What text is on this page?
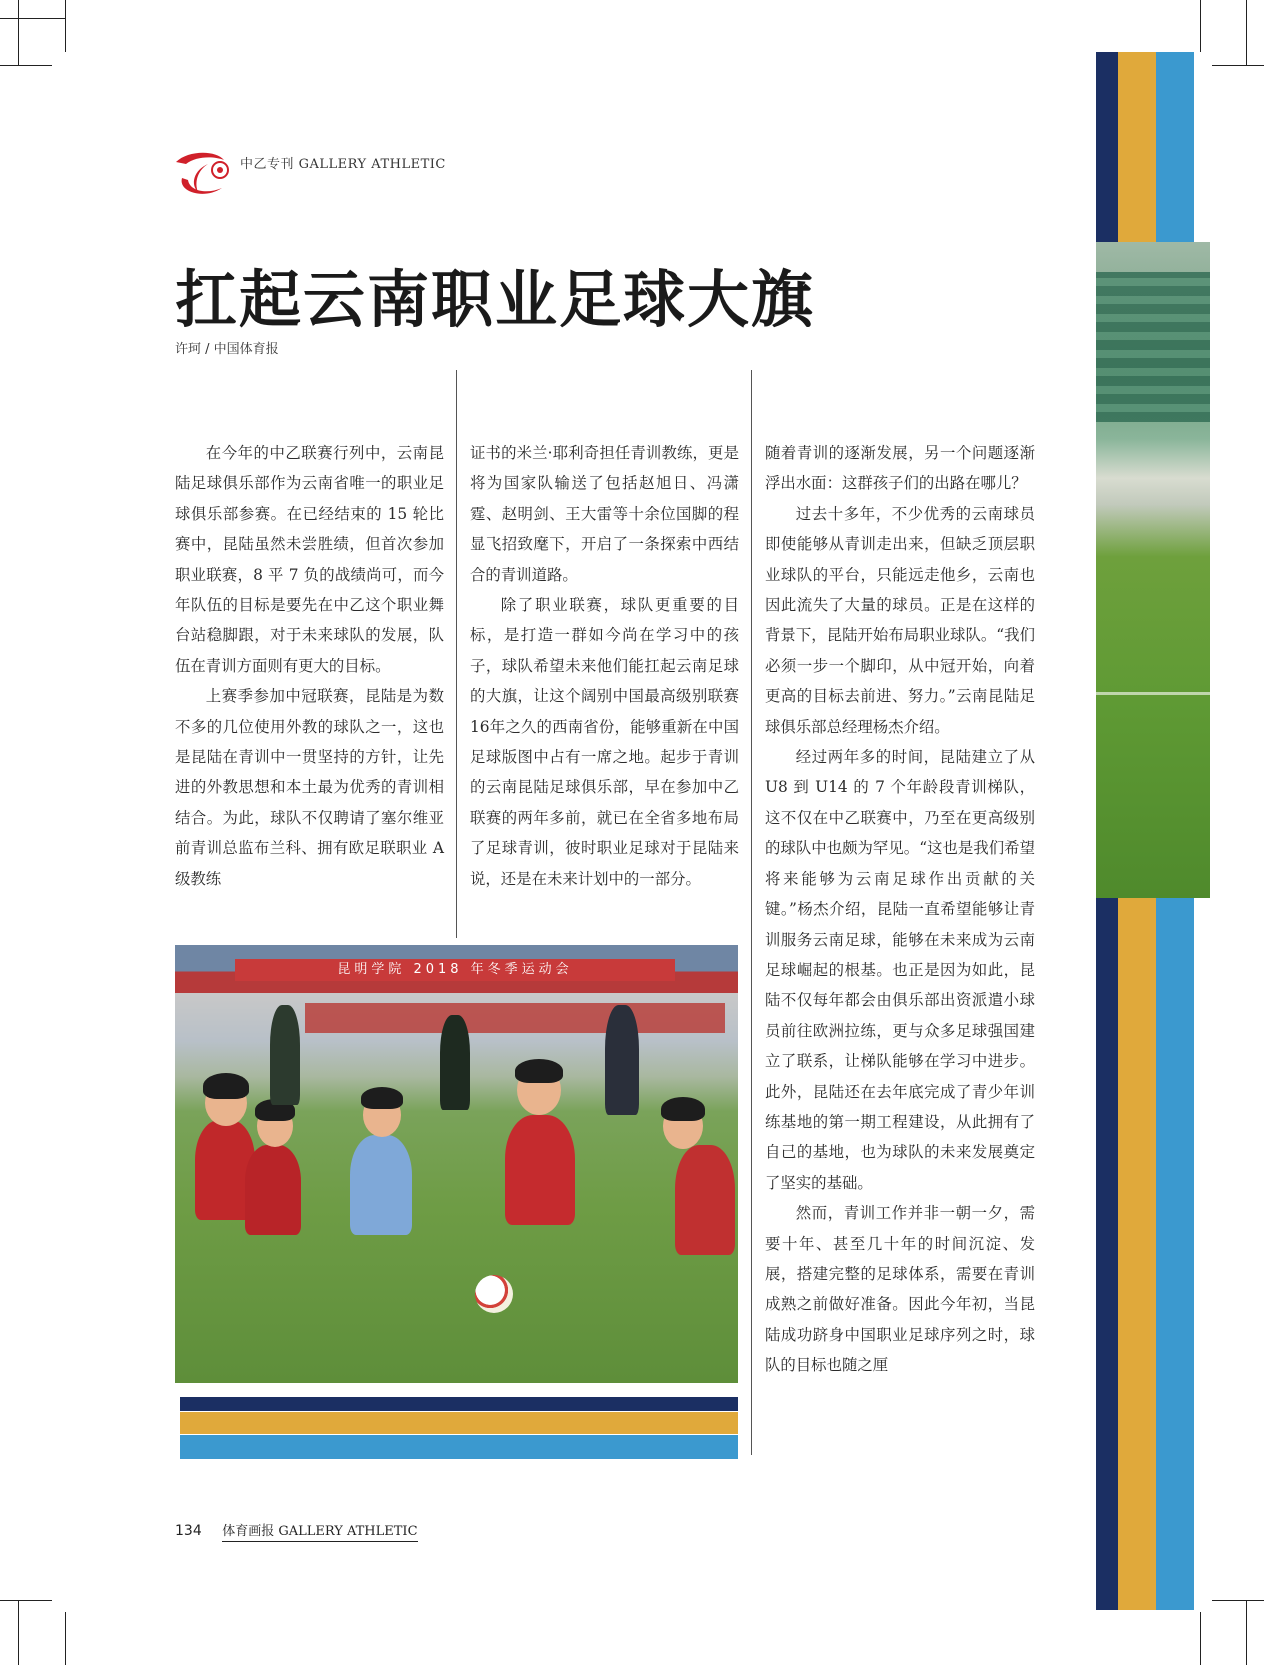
中乙专刊 GALLERY ATHLETIC
扛起云南职业足球大旗
许珂 / 中国体育报

在今年的中乙联赛行列中，云南昆陆足球俱乐部作为云南省唯一的职业足球俱乐部参赛。在已经结束的 15 轮比赛中，昆陆虽然未尝胜绩，但首次参加职业联赛，8 平 7 负的战绩尚可，而今年队伍的目标是要先在中乙这个职业舞台站稳脚跟，对于未来球队的发展，队伍在青训方面则有更大的目标。

上赛季参加中冠联赛，昆陆是为数不多的几位使用外教的球队之一，这也是昆陆在青训中一贯坚持的方针，让先进的外教思想和本土最为优秀的青训相结合。为此，球队不仅聘请了塞尔维亚前青训总监布兰科、拥有欧足联职业 A 级教练

证书的米兰·耶利奇担任青训教练，更是将为国家队输送了包括赵旭日、冯潇霆、赵明剑、王大雷等十余位国脚的程显飞招致麾下，开启了一条探索中西结合的青训道路。

除了职业联赛，球队更重要的目标，是打造一群如今尚在学习中的孩子，球队希望未来他们能扛起云南足球的大旗，让这个阔别中国最高级别联赛 16年之久的西南省份，能够重新在中国足球版图中占有一席之地。起步于青训的云南昆陆足球俱乐部，早在参加中乙联赛的两年多前，就已在全省多地布局了足球青训，彼时职业足球对于昆陆来说，还是在未来计划中的一部分。

随着青训的逐渐发展，另一个问题逐渐浮出水面：这群孩子们的出路在哪儿？

过去十多年，不少优秀的云南球员即使能够从青训走出来，但缺乏顶层职业球队的平台，只能远走他乡，云南也因此流失了大量的球员。正是在这样的背景下，昆陆开始布局职业球队。“我们必须一步一个脚印，从中冠开始，向着更高的目标去前进、努力。”云南昆陆足球俱乐部总经理杨杰介绍。

经过两年多的时间，昆陆建立了从 U8 到 U14 的 7 个年龄段青训梯队，这不仅在中乙联赛中，乃至在更高级别的球队中也颇为罕见。“这也是我们希望将来能够为云南足球作出贡献的关键。”杨杰介绍，昆陆一直希望能够让青训服务云南足球，能够在未来成为云南足球崛起的根基。也正是因为如此，昆陆不仅每年都会由俱乐部出资派遣小球员前往欧洲拉练，更与众多足球强国建立了联系，让梯队能够在学习中进步。此外，昆陆还在去年底完成了青少年训练基地的第一期工程建设，从此拥有了自己的基地，也为球队的未来发展奠定了坚实的基础。

然而，青训工作并非一朝一夕，需要十年、甚至几十年的时间沉淀、发展，搭建完整的足球体系，需要在青训成熟之前做好准备。因此今年初，当昆陆成功跻身中国职业足球序列之时，球队的目标也随之厘

昆明学院 2018 年冬季运动会
134 体育画报 GALLERY ATHLETIC
